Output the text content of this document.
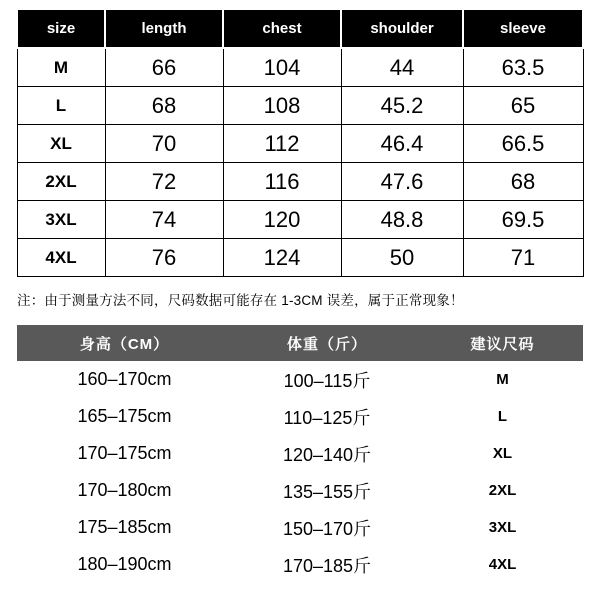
size	length	chest	shoulder	sleeve
M	66	104	44	63.5
L	68	108	45.2	65
XL	70	112	46.4	66.5
2XL	72	116	47.6	68
3XL	74	120	48.8	69.5
4XL	76	124	50	71
注：由于测量方法不同，尺码数据可能存在 1-3CM 误差，属于正常现象！
身高（CM）	体重（斤）	建议尺码
160–170cm	100–115斤	M
165–175cm	110–125斤	L
170–175cm	120–140斤	XL
170–180cm	135–155斤	2XL
175–185cm	150–170斤	3XL
180–190cm	170–185斤	4XL
